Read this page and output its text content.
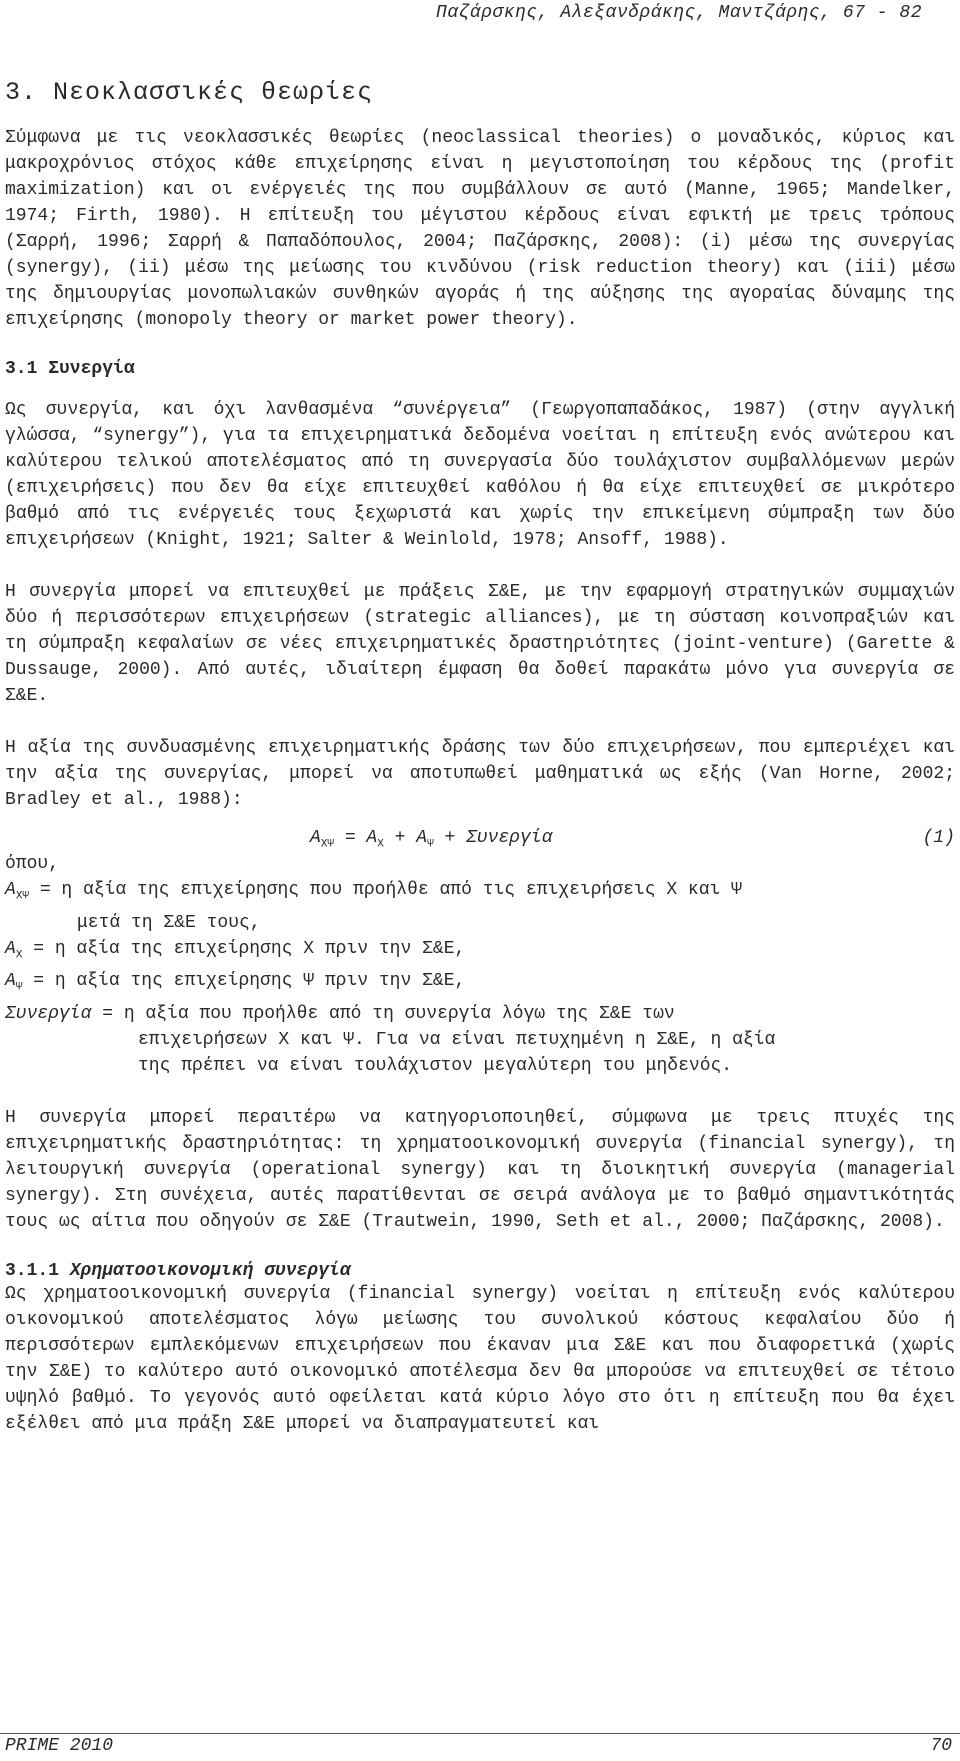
Παζάρσκης, Αλεξανδράκης, Μαντζάρης, 67 - 82
3. Νεοκλασσικές θεωρίες

Σύμφωνα με τις νεοκλασσικές θεωρίες (neoclassical theories) ο μοναδικός, κύριος και μακροχρόνιος στόχος κάθε επιχείρησης είναι η μεγιστοποίηση του κέρδους της (profit maximization) και οι ενέργειές της που συμβάλλουν σε αυτό (Manne, 1965; Mandelker, 1974; Firth, 1980). Η επίτευξη του μέγιστου κέρδους είναι εφικτή με τρεις τρόπους (Σαρρή, 1996; Σαρρή & Παπαδόπουλος, 2004; Παζάρσκης, 2008): (i) μέσω της συνεργίας (synergy), (ii) μέσω της μείωσης του κινδύνου (risk reduction theory) και (iii) μέσω της δημιουργίας μονοπωλιακών συνθηκών αγοράς ή της αύξησης της αγοραίας δύναμης της επιχείρησης (monopoly theory or market power theory).

3.1 Συνεργία

Ως συνεργία, και όχι λανθασμένα “συνέργεια” (Γεωργοπαπαδάκος, 1987) (στην αγγλική γλώσσα, “synergy”), για τα επιχειρηματικά δεδομένα νοείται η επίτευξη ενός ανώτερου και καλύτερου τελικού αποτελέσματος από τη συνεργασία δύο τουλάχιστον συμβαλλόμενων μερών (επιχειρήσεις) που δεν θα είχε επιτευχθεί καθόλου ή θα είχε επιτευχθεί σε μικρότερο βαθμό από τις ενέργειές τους ξεχωριστά και χωρίς την επικείμενη σύμπραξη των δύο επιχειρήσεων (Knight, 1921; Salter & Weinlold, 1978; Ansoff, 1988).

Η συνεργία μπορεί να επιτευχθεί με πράξεις Σ&Ε, με την εφαρμογή στρατηγικών συμμαχιών δύο ή περισσότερων επιχειρήσεων (strategic alliances), με τη σύσταση κοινοπραξιών και τη σύμπραξη κεφαλαίων σε νέες επιχειρηματικές δραστηριότητες (joint-venture) (Garette & Dussauge, 2000). Από αυτές, ιδιαίτερη έμφαση θα δοθεί παρακάτω μόνο για συνεργία σε Σ&Ε.

Η αξία της συνδυασμένης επιχειρηματικής δράσης των δύο επιχειρήσεων, που εμπεριέχει και την αξία της συνεργίας, μπορεί να αποτυπωθεί μαθηματικά ως εξής (Van Horne, 2002; Bradley et al., 1988):

$A_{X\Psi} = A_X + A_\Psi + \Sigma\upsilon\nu\varepsilon\rho\gamma ί\alpha$	(1)
όπου,
$A_{X\Psi} = \eta$ αξία της επιχείρησης που προήλθε από τις επιχειρήσεις Χ και Ψ
μετά τη Σ&Ε τους,
$A_X = \eta$ αξία της επιχείρησης Χ πριν την Σ&Ε,
$A_\Psi = \eta$ αξία της επιχείρησης Ψ πριν την Σ&Ε,
Συνεργία = η αξία που προήλθε από τη συνεργία λόγω της Σ&Ε των
επιχειρήσεων Χ και Ψ. Για να είναι πετυχημένη η Σ&Ε, η αξία
της πρέπει να είναι τουλάχιστον μεγαλύτερη του μηδενός.

Η συνεργία μπορεί περαιτέρω να κατηγοριοποιηθεί, σύμφωνα με τρεις πτυχές της επιχειρηματικής δραστηριότητας: τη χρηματοοικονομική συνεργία (financial synergy), τη λειτουργική συνεργία (operational synergy) και τη διοικητική συνεργία (managerial synergy). Στη συνέχεια, αυτές παρατίθενται σε σειρά ανάλογα με το βαθμό σημαντικότητάς τους ως αίτια που οδηγούν σε Σ&Ε (Trautwein, 1990, Seth et al., 2000; Παζάρσκης, 2008).

3.1.1 Χρηματοοικονομική συνεργία

Ως χρηματοοικονομική συνεργία (financial synergy) νοείται η επίτευξη ενός καλύτερου οικονομικού αποτελέσματος λόγω μείωσης του συνολικού κόστους κεφαλαίου δύο ή περισσότερων εμπλεκόμενων επιχειρήσεων που έκαναν μια Σ&Ε και που διαφορετικά (χωρίς την Σ&Ε) το καλύτερο αυτό οικονομικό αποτέλεσμα δεν θα μπορούσε να επιτευχθεί σε τέτοιο υψηλό βαθμό. Το γεγονός αυτό οφείλεται κατά κύριο λόγο στο ότι η επίτευξη που θα έχει εξέλθει από μια πράξη Σ&Ε μπορεί να διαπραγματευτεί και

PRIME 2010	70
